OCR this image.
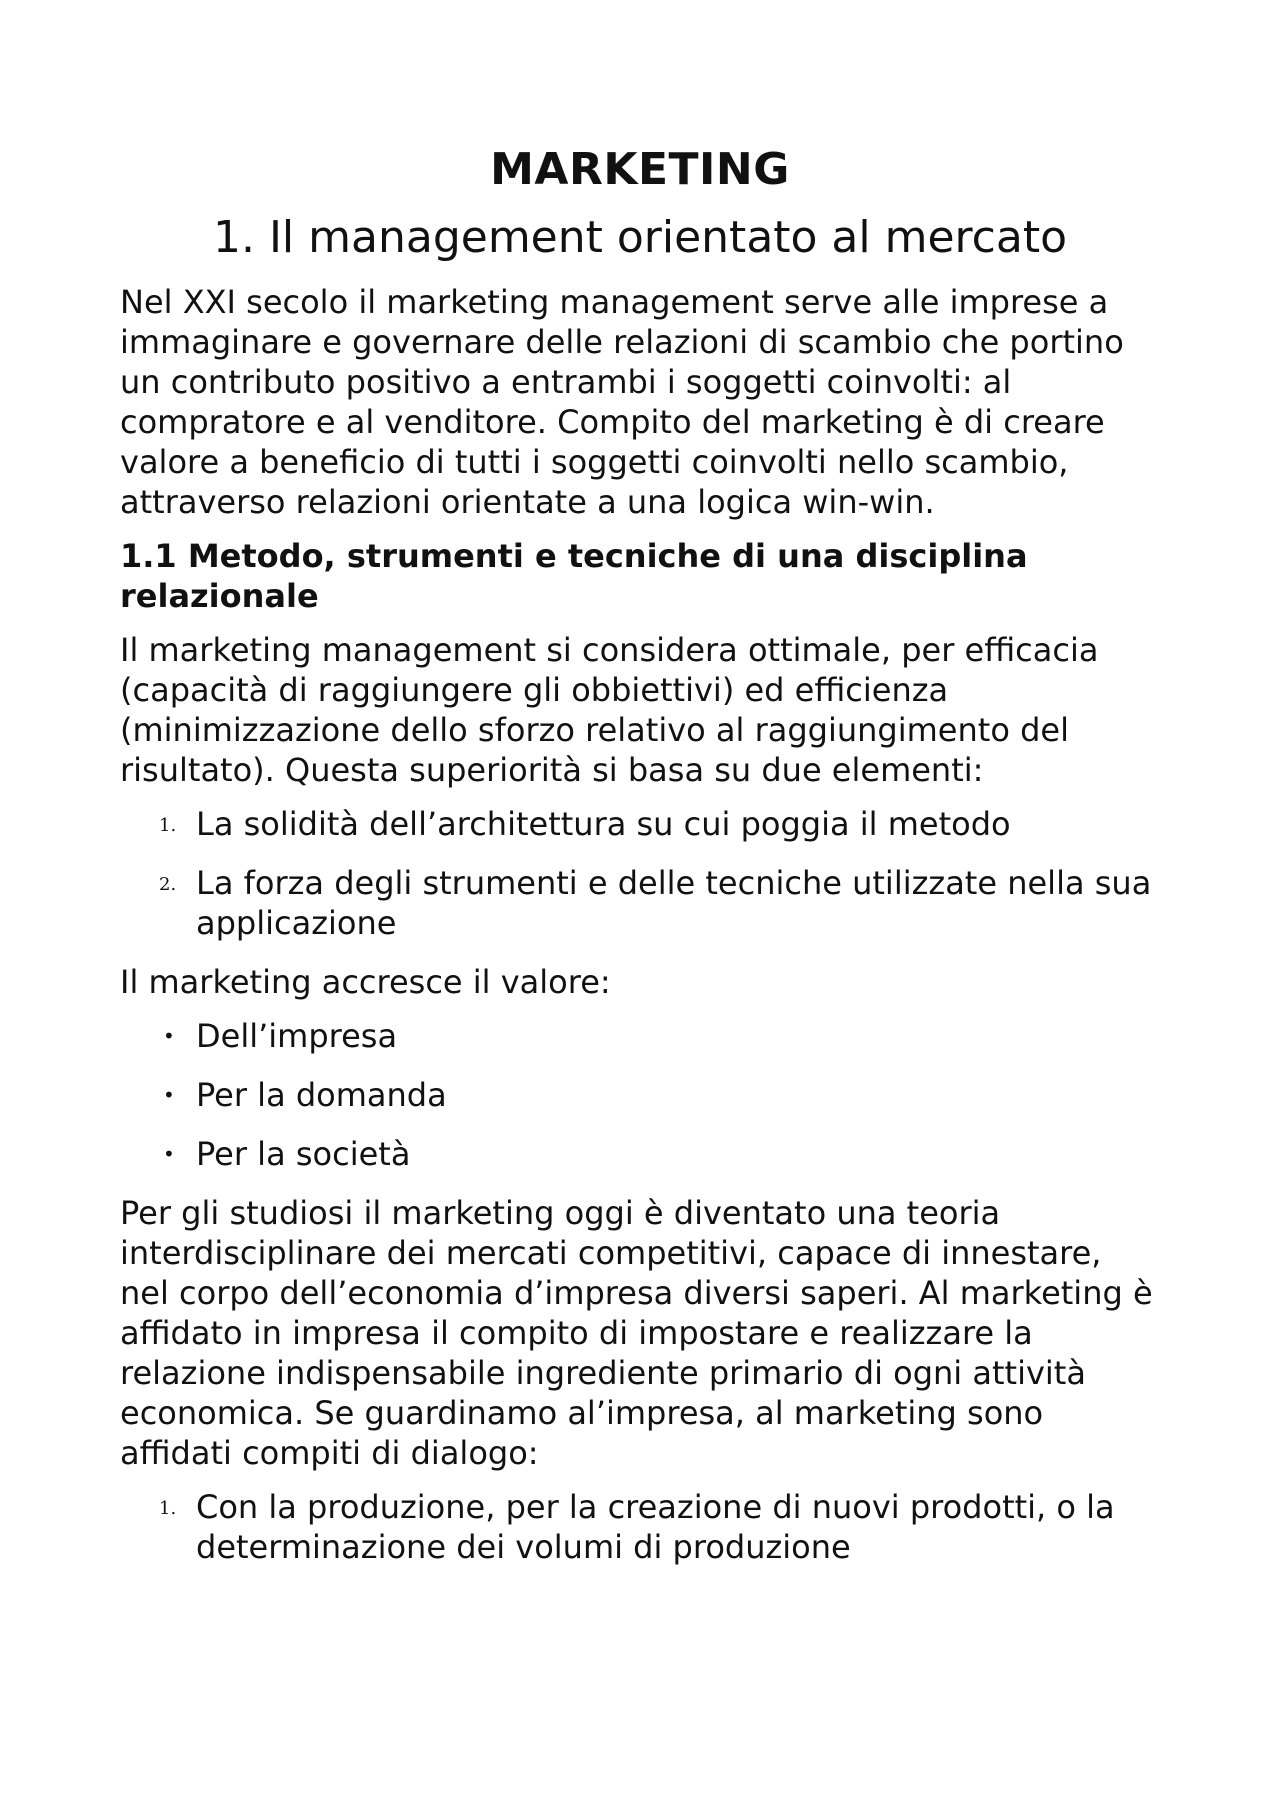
MARKETING
1. Il management orientato al mercato

Nel XXI secolo il marketing management serve alle imprese a immaginare e governare delle relazioni di scambio che portino un contributo positivo a entrambi i soggetti coinvolti: al compratore e al venditore. Compito del marketing è di creare valore a beneficio di tutti i soggetti coinvolti nello scambio, attraverso relazioni orientate a una logica win-win.

1.1 Metodo, strumenti e tecniche di una disciplina relazionale

Il marketing management si considera ottimale, per efficacia (capacità di raggiungere gli obbiettivi) ed efficienza (minimizzazione dello sforzo relativo al raggiungimento del risultato). Questa superiorità si basa su due elementi:

1. La solidità dell’architettura su cui poggia il metodo
2. La forza degli strumenti e delle tecniche utilizzate nella sua applicazione

Il marketing accresce il valore:

• Dell’impresa
• Per la domanda
• Per la società

Per gli studiosi il marketing oggi è diventato una teoria interdisciplinare dei mercati competitivi, capace di innestare, nel corpo dell’economia d’impresa diversi saperi. Al marketing è affidato in impresa il compito di impostare e realizzare la relazione indispensabile ingrediente primario di ogni attività economica. Se guardinamo al’impresa, al marketing sono affidati compiti di dialogo:

1. Con la produzione, per la creazione di nuovi prodotti, o la determinazione dei volumi di produzione
